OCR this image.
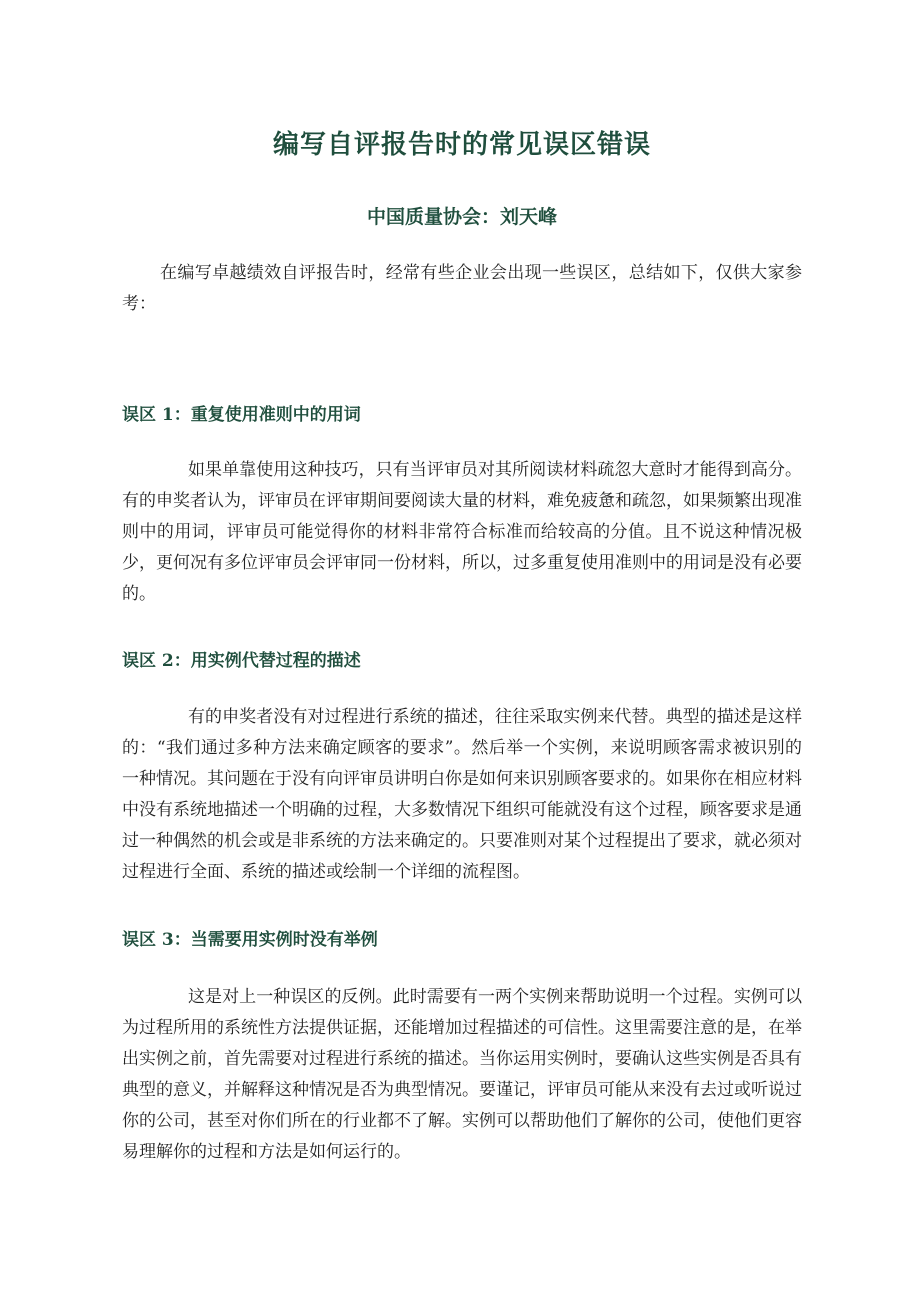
编写自评报告时的常见误区错误
中国质量协会：刘天峰

在编写卓越绩效自评报告时，经常有些企业会出现一些误区，总结如下，仅供大家参考：

误区 1：重复使用准则中的用词

如果单靠使用这种技巧，只有当评审员对其所阅读材料疏忽大意时才能得到高分。有的申奖者认为，评审员在评审期间要阅读大量的材料，难免疲惫和疏忽，如果频繁出现准则中的用词，评审员可能觉得你的材料非常符合标准而给较高的分值。且不说这种情况极少，更何况有多位评审员会评审同一份材料，所以，过多重复使用准则中的用词是没有必要的。

误区 2：用实例代替过程的描述

有的申奖者没有对过程进行系统的描述，往往采取实例来代替。典型的描述是这样的：“我们通过多种方法来确定顾客的要求”。然后举一个实例，来说明顾客需求被识别的一种情况。其问题在于没有向评审员讲明白你是如何来识别顾客要求的。如果你在相应材料中没有系统地描述一个明确的过程，大多数情况下组织可能就没有这个过程，顾客要求是通过一种偶然的机会或是非系统的方法来确定的。只要准则对某个过程提出了要求，就必须对过程进行全面、系统的描述或绘制一个详细的流程图。

误区 3：当需要用实例时没有举例

这是对上一种误区的反例。此时需要有一两个实例来帮助说明一个过程。实例可以为过程所用的系统性方法提供证据，还能增加过程描述的可信性。这里需要注意的是，在举出实例之前，首先需要对过程进行系统的描述。当你运用实例时，要确认这些实例是否具有典型的意义，并解释这种情况是否为典型情况。要谨记，评审员可能从来没有去过或听说过你的公司，甚至对你们所在的行业都不了解。实例可以帮助他们了解你的公司，使他们更容易理解你的过程和方法是如何运行的。
